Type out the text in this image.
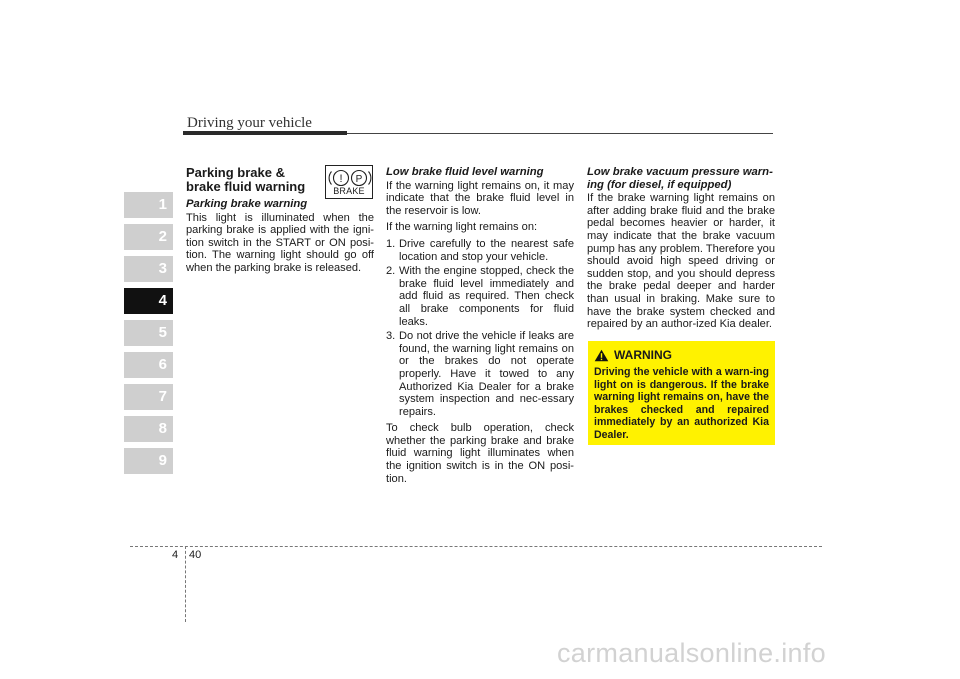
Driving your vehicle
1
2
3
4
5
6
7
8
9
Parking brake & brake fluid warning
Parking brake warning

This light is illuminated when the parking brake is applied with the igni-tion switch in the START or ON posi-tion. The warning light should go off when the parking brake is released.

! P
BRAKE
Low brake fluid level warning

If the warning light remains on, it may indicate that the brake fluid level in the reservoir is low.

If the warning light remains on:

1. Drive carefully to the nearest safe location and stop your vehicle.
2. With the engine stopped, check the brake fluid level immediately and add fluid as required. Then check all brake components for fluid leaks.
3. Do not drive the vehicle if leaks are found, the warning light remains on or the brakes do not operate properly. Have it towed to any Authorized Kia Dealer for a brake system inspection and nec-essary repairs.

To check bulb operation, check whether the parking brake and brake fluid warning light illuminates when the ignition switch is in the ON posi-tion.

Low brake vacuum pressure warn-ing (for diesel, if equipped)

If the brake warning light remains on after adding brake fluid and the brake pedal becomes heavier or harder, it may indicate that the brake vacuum pump has any problem. Therefore you should avoid high speed driving or sudden stop, and you should depress the brake pedal deeper and harder than usual in braking. Make sure to have the brake system checked and repaired by an author-ized Kia dealer.

WARNING

Driving the vehicle with a warn-ing light on is dangerous. If the brake warning light remains on, have the brakes checked and repaired immediately by an authorized Kia Dealer.

4 40
carmanualsonline.info
